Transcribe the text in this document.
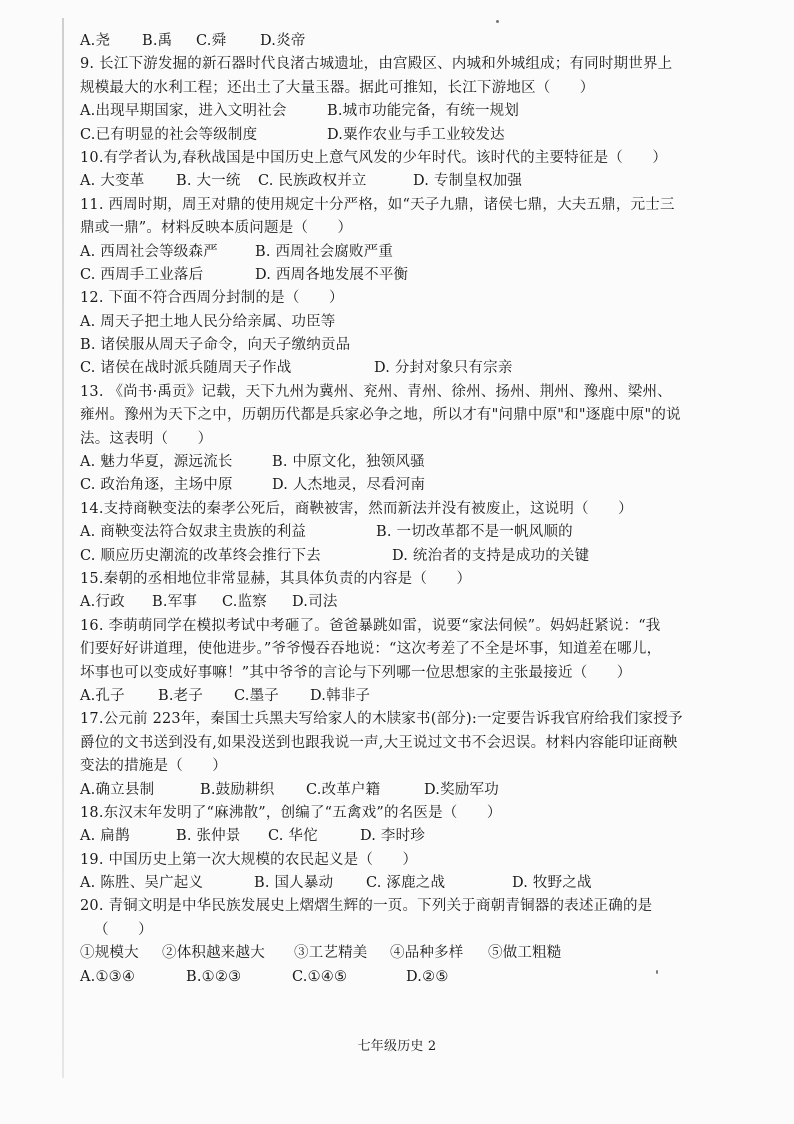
A.尧	B.禹	C.舜	D.炎帝
9. 长江下游发掘的新石器时代良渚古城遗址，由宫殿区、内城和外城组成；有同时期世界上
规模最大的水利工程；还出土了大量玉器。据此可推知，长江下游地区（　　）
A.出现早期国家，进入文明社会	B.城市功能完备，有统一规划
C.已有明显的社会等级制度	D.粟作农业与手工业较发达
10.有学者认为,春秋战国是中国历史上意气风发的少年时代。该时代的主要特征是（　　）
A. 大变革	B. 大一统	C. 民族政权并立	D. 专制皇权加强
11. 西周时期，周王对鼎的使用规定十分严格，如“天子九鼎，诸侯七鼎，大夫五鼎，元士三
鼎或一鼎”。材料反映本质问题是（　　）
A. 西周社会等级森严	B. 西周社会腐败严重
C. 西周手工业落后	D. 西周各地发展不平衡
12. 下面不符合西周分封制的是（　　）
A. 周天子把土地人民分给亲属、功臣等
B. 诸侯服从周天子命令，向天子缴纳贡品
C. 诸侯在战时派兵随周天子作战	D. 分封对象只有宗亲
13. 《尚书·禹贡》记载，天下九州为冀州、兖州、青州、徐州、扬州、荆州、豫州、梁州、
雍州。豫州为天下之中，历朝历代都是兵家必争之地，所以才有"问鼎中原"和"逐鹿中原"的说
法。这表明（　　）
A. 魅力华夏，源远流长	B. 中原文化，独领风骚
C. 政治角逐，主场中原	D. 人杰地灵，尽看河南
14.支持商鞅变法的秦孝公死后，商鞅被害，然而新法并没有被废止，这说明（　　）
A. 商鞅变法符合奴隶主贵族的利益	B. 一切改革都不是一帆风顺的
C. 顺应历史潮流的改革终会推行下去	D. 统治者的支持是成功的关键
15.秦朝的丞相地位非常显赫，其具体负责的内容是（　　）
A.行政	B.军事	C.监察	D.司法
16. 李萌萌同学在模拟考试中考砸了。爸爸暴跳如雷，说要“家法伺候”。妈妈赶紧说：“我
们要好好讲道理，使他进步。”爷爷慢吞吞地说：“这次考差了不全是坏事，知道差在哪儿，
坏事也可以变成好事嘛！”其中爷爷的言论与下列哪一位思想家的主张最接近（　　）
A.孔子	B.老子	C.墨子	D.韩非子
17.公元前 223年，秦国士兵黑夫写给家人的木牍家书(部分):一定要告诉我官府给我们家授予
爵位的文书送到没有,如果没送到也跟我说一声,大王说过文书不会迟误。材料内容能印证商鞅
变法的措施是（　　）
A.确立县制	B.鼓励耕织	C.改革户籍	D.奖励军功
18.东汉末年发明了“麻沸散”，创编了“五禽戏”的名医是（　　）
A. 扁鹊	B. 张仲景	C. 华佗	D. 李时珍
19. 中国历史上第一次大规模的农民起义是（　　）
A. 陈胜、吴广起义	B. 国人暴动	C. 涿鹿之战	D. 牧野之战
20. 青铜文明是中华民族发展史上熠熠生辉的一页。下列关于商朝青铜器的表述正确的是
（　　）
①规模大	②体积越来越大	③工艺精美	④品种多样	⑤做工粗糙
A.①③④	B.①②③	C.①④⑤	D.②⑤
七年级历史 2
